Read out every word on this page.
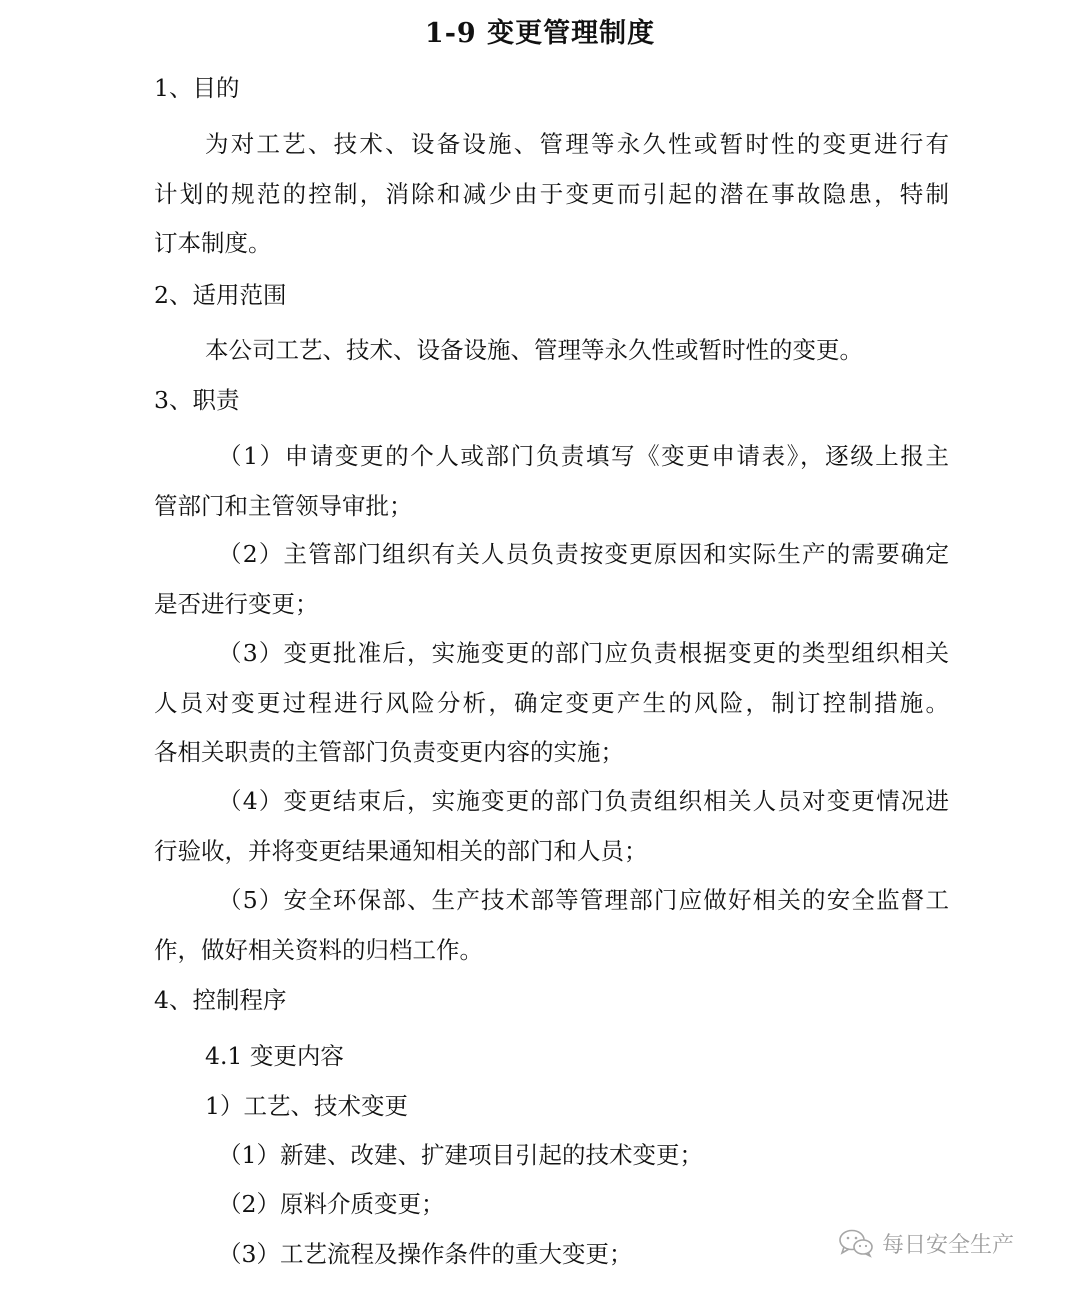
1-9 变更管理制度
1、目的
为对工艺、技术、设备设施、管理等永久性或暂时性的变更进行有
计划的规范的控制，消除和减少由于变更而引起的潜在事故隐患，特制
订本制度。
2、适用范围
本公司工艺、技术、设备设施、管理等永久性或暂时性的变更。
3、职责
（1）申请变更的个人或部门负责填写《变更申请表》，逐级上报主
管部门和主管领导审批；
（2）主管部门组织有关人员负责按变更原因和实际生产的需要确定
是否进行变更；
（3）变更批准后，实施变更的部门应负责根据变更的类型组织相关
人员对变更过程进行风险分析，确定变更产生的风险，制订控制措施。
各相关职责的主管部门负责变更内容的实施；
（4）变更结束后，实施变更的部门负责组织相关人员对变更情况进
行验收，并将变更结果通知相关的部门和人员；
（5）安全环保部、生产技术部等管理部门应做好相关的安全监督工
作，做好相关资料的归档工作。
4、控制程序
4.1 变更内容
1）工艺、技术变更
（1）新建、改建、扩建项目引起的技术变更；
（2）原料介质变更；
（3）工艺流程及操作条件的重大变更；	每日安全生产
